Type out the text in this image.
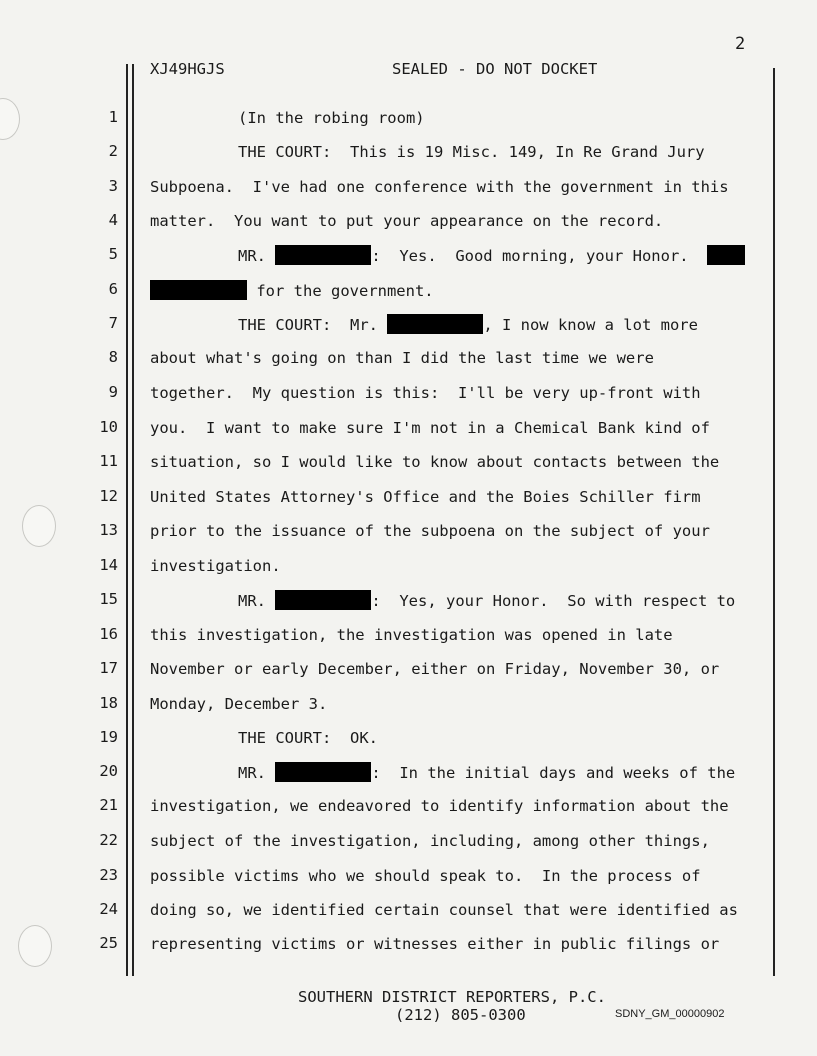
2
XJ49HGJS	SEALED - DO NOT DOCKET
1
2
3
4
5
6
7
8
9
10
11
12
13
14
15
16
17
18
19
20
21
22
23
24
25
(In the robing room)
THE COURT:  This is 19 Misc. 149, In Re Grand Jury
Subpoena.  I've had one conference with the government in this
matter.  You want to put your appearance on the record.
MR.	:  Yes.  Good morning, your Honor.
for the government.
THE COURT:  Mr.	, I now know a lot more
about what's going on than I did the last time we were
together.  My question is this:  I'll be very up-front with
you.  I want to make sure I'm not in a Chemical Bank kind of
situation, so I would like to know about contacts between the
United States Attorney's Office and the Boies Schiller firm
prior to the issuance of the subpoena on the subject of your
investigation.
MR.	:  Yes, your Honor.  So with respect to
this investigation, the investigation was opened in late
November or early December, either on Friday, November 30, or
Monday, December 3.
THE COURT:  OK.
MR.	:  In the initial days and weeks of the
investigation, we endeavored to identify information about the
subject of the investigation, including, among other things,
possible victims who we should speak to.  In the process of
doing so, we identified certain counsel that were identified as
representing victims or witnesses either in public filings or
SOUTHERN DISTRICT REPORTERS, P.C.
(212) 805-0300	SDNY_GM_00000902
